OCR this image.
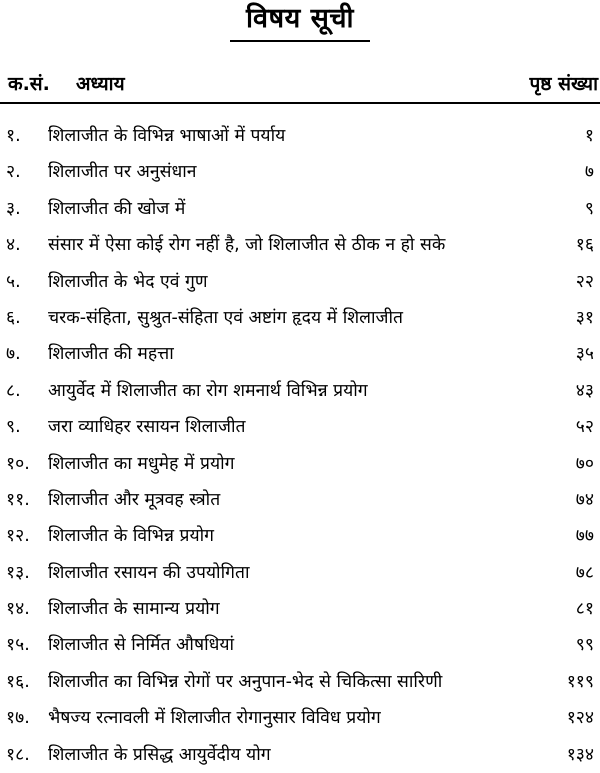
विषय सूची
क.सं. अध्याय	पृष्ठ संख्या
१. शिलाजीत के विभिन्न भाषाओं में पर्याय	१
२. शिलाजीत पर अनुसंधान	७
३. शिलाजीत की खोज में	९
४. संसार में ऐसा कोई रोग नहीं है, जो शिलाजीत से ठीक न हो सके	१६
५. शिलाजीत के भेद एवं गुण	२२
६. चरक-संहिता, सुश्रुत-संहिता एवं अष्टांग हृदय में शिलाजीत	३१
७. शिलाजीत की महत्ता	३५
८. आयुर्वेद में शिलाजीत का रोग शमनार्थ विभिन्न प्रयोग	४३
९. जरा व्याधिहर रसायन शिलाजीत	५२
१०. शिलाजीत का मधुमेह में प्रयोग	७०
११. शिलाजीत और मूत्रवह स्त्रोत	७४
१२. शिलाजीत के विभिन्न प्रयोग	७७
१३. शिलाजीत रसायन की उपयोगिता	७८
१४. शिलाजीत के सामान्य प्रयोग	८१
१५. शिलाजीत से निर्मित औषधियां	९९
१६. शिलाजीत का विभिन्न रोगों पर अनुपान-भेद से चिकित्सा सारिणी	११९
१७. भैषज्य रत्नावली में शिलाजीत रोगानुसार विविध प्रयोग	१२४
१८. शिलाजीत के प्रसिद्ध आयुर्वेदीय योग	१३४
